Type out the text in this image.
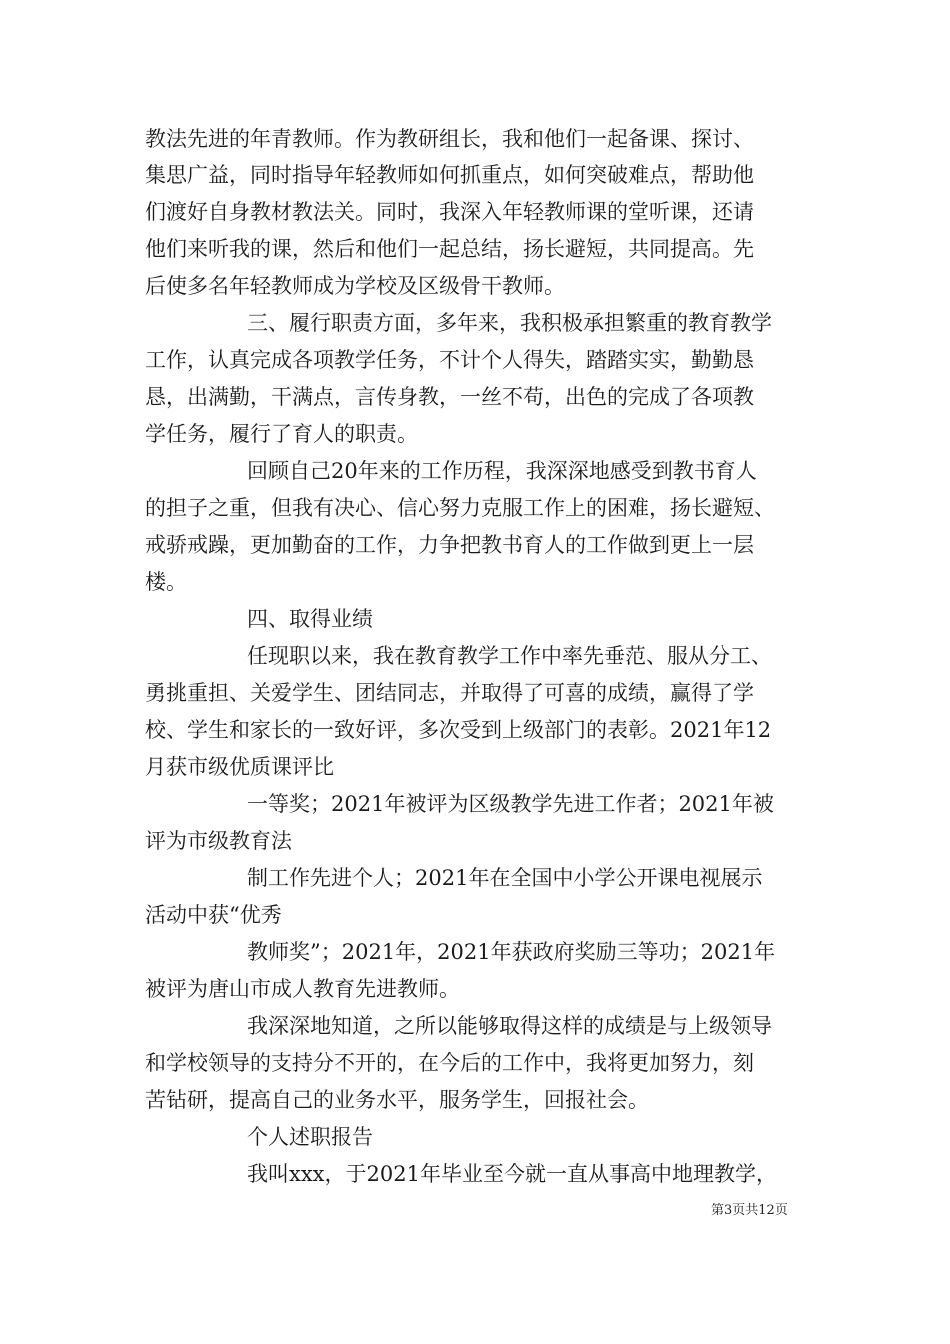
教法先进的年青教师。作为教研组长，我和他们一起备课、探讨、
集思广益，同时指导年轻教师如何抓重点，如何突破难点，帮助他
们渡好自身教材教法关。同时，我深入年轻教师课的堂听课，还请
他们来听我的课，然后和他们一起总结，扬长避短，共同提高。先
后使多名年轻教师成为学校及区级骨干教师。
三、履行职责方面，多年来，我积极承担繁重的教育教学
工作，认真完成各项教学任务，不计个人得失，踏踏实实，勤勤恳
恳，出满勤，干满点，言传身教，一丝不苟，出色的完成了各项教
学任务，履行了育人的职责。
回顾自己20年来的工作历程，我深深地感受到教书育人
的担子之重，但我有决心、信心努力克服工作上的困难，扬长避短、
戒骄戒躁，更加勤奋的工作，力争把教书育人的工作做到更上一层
楼。
四、取得业绩
任现职以来，我在教育教学工作中率先垂范、服从分工、
勇挑重担、关爱学生、团结同志，并取得了可喜的成绩，赢得了学
校、学生和家长的一致好评，多次受到上级部门的表彰。2021年12
月获市级优质课评比
一等奖；2021年被评为区级教学先进工作者；2021年被
评为市级教育法
制工作先进个人；2021年在全国中小学公开课电视展示
活动中获“优秀
教师奖”；2021年，2021年获政府奖励三等功；2021年
被评为唐山市成人教育先进教师。
我深深地知道，之所以能够取得这样的成绩是与上级领导
和学校领导的支持分不开的，在今后的工作中，我将更加努力，刻
苦钻研，提高自己的业务水平，服务学生，回报社会。
个人述职报告
我叫xxx，于2021年毕业至今就一直从事高中地理教学，
第3页共12页
